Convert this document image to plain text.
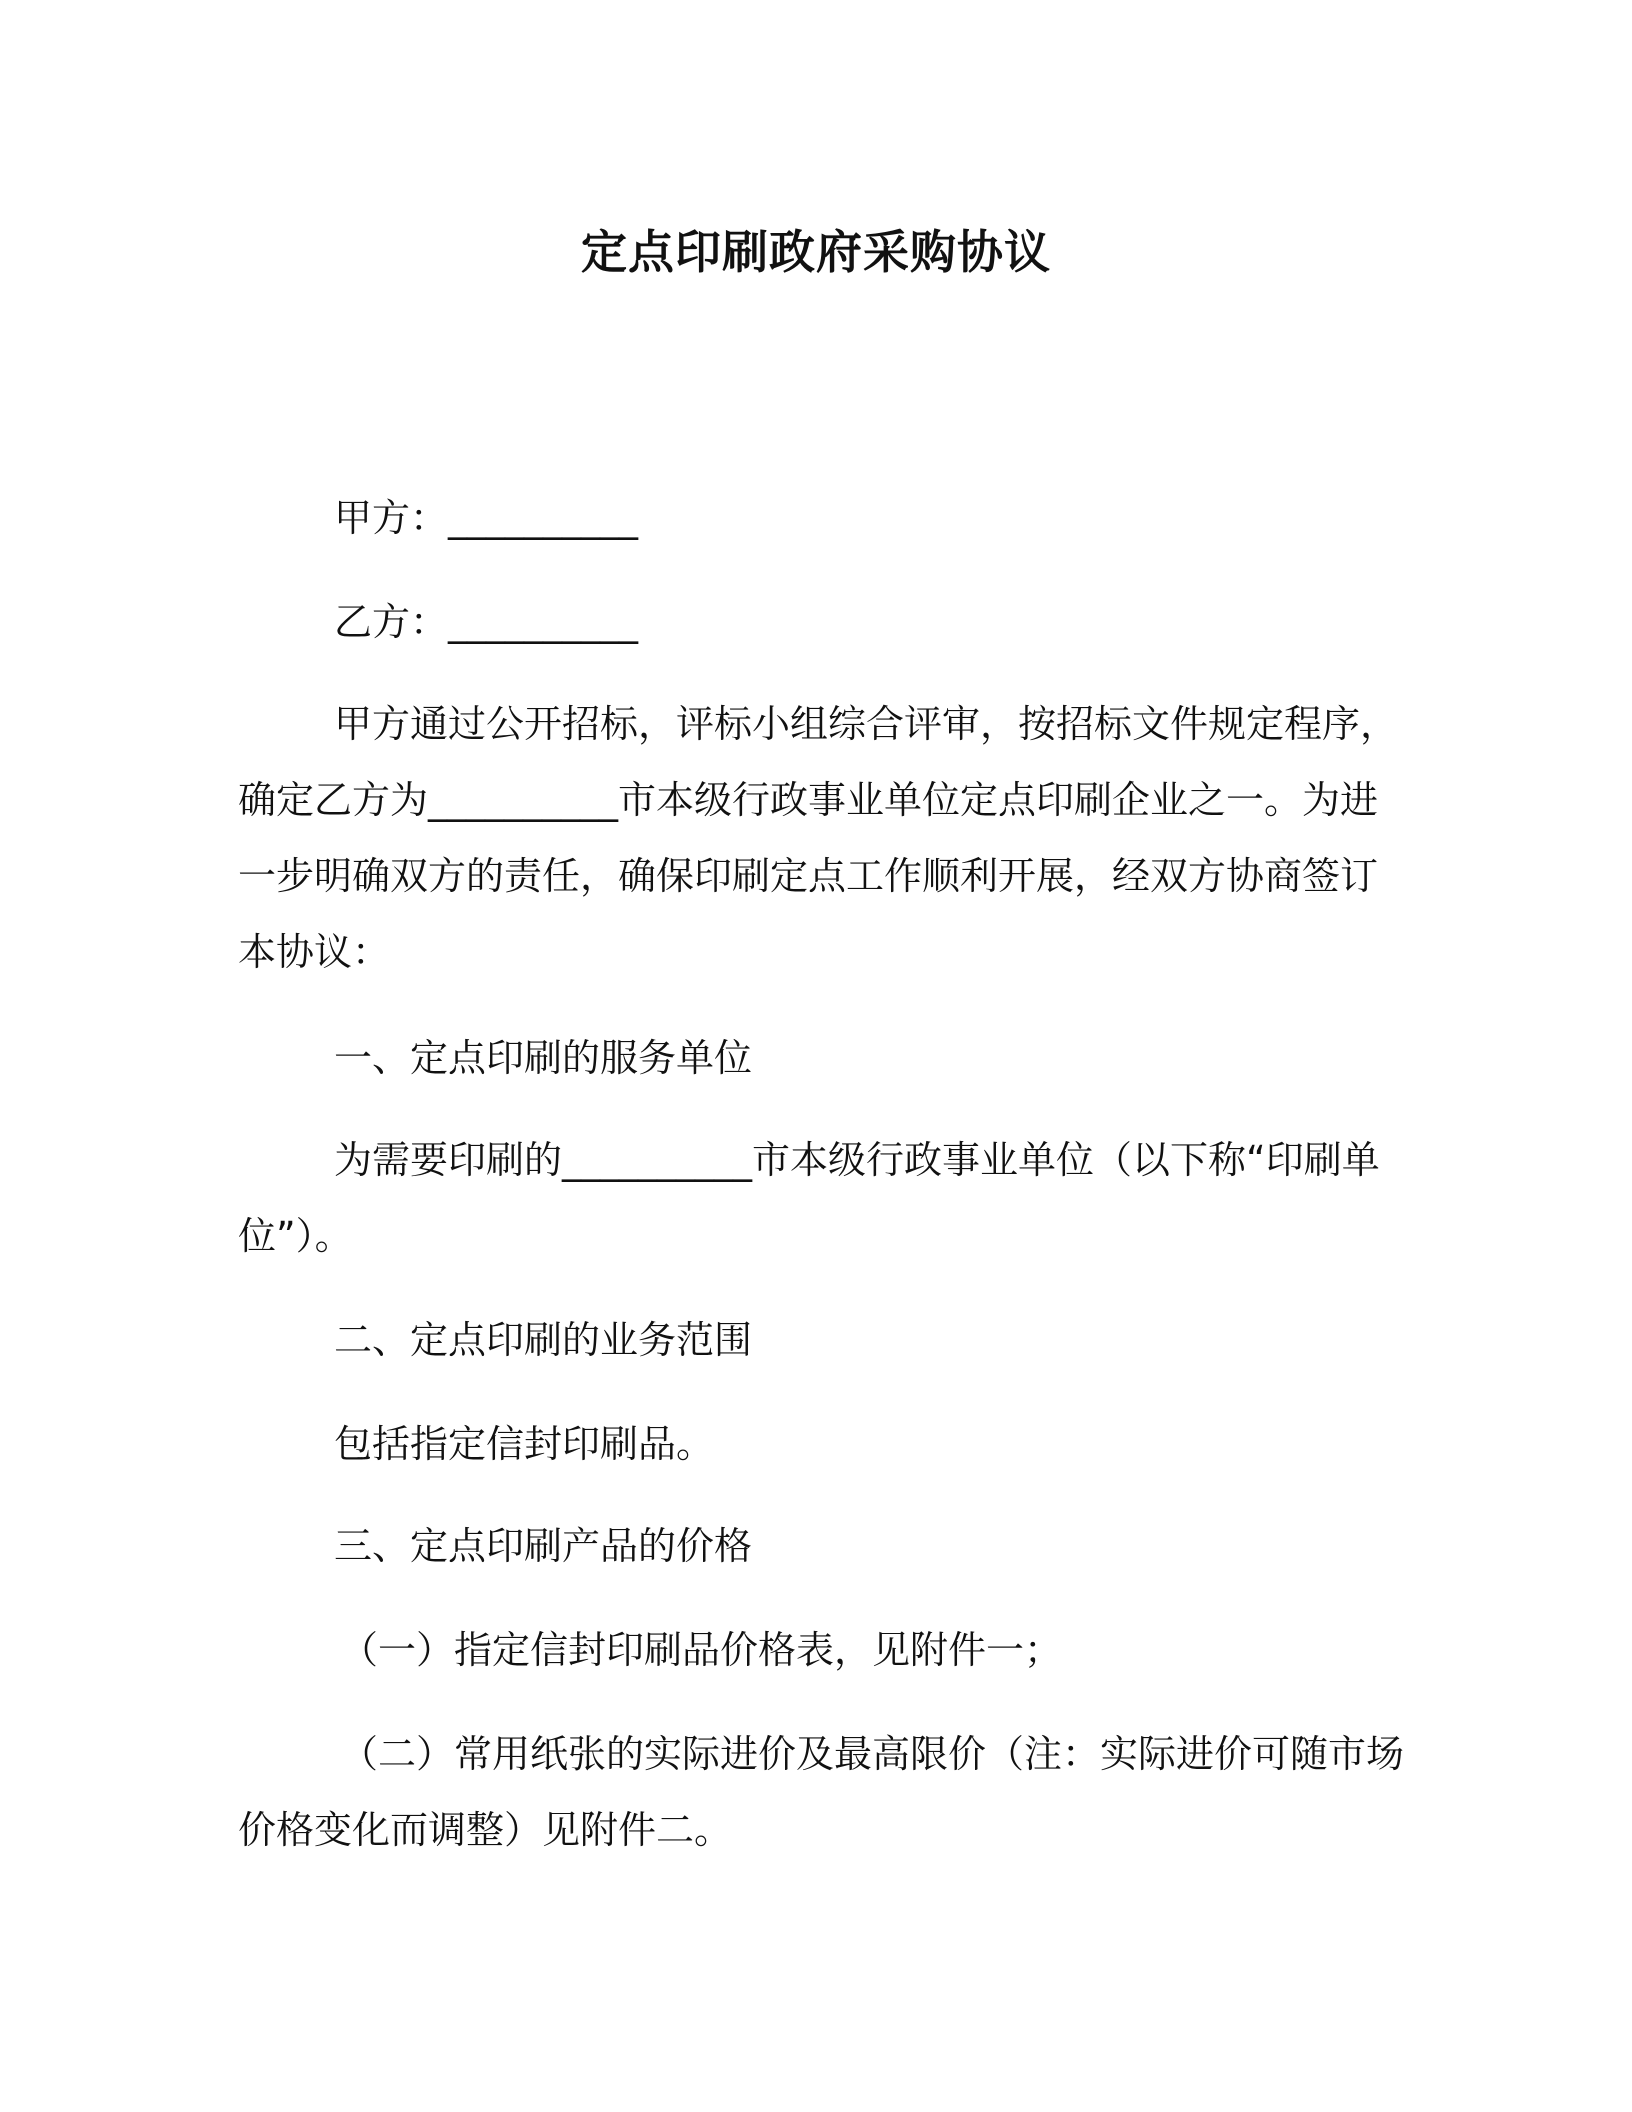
定点印刷政府采购协议

甲方：__________

乙方：__________

甲方通过公开招标，评标小组综合评审，按招标文件规定程序，

确定乙方为__________市本级行政事业单位定点印刷企业之一。为进

一步明确双方的责任，确保印刷定点工作顺利开展，经双方协商签订

本协议：

一、定点印刷的服务单位

为需要印刷的__________市本级行政事业单位（以下称“印刷单

位”）。

二、定点印刷的业务范围

包括指定信封印刷品。

三、定点印刷产品的价格

（一）指定信封印刷品价格表，见附件一；

（二）常用纸张的实际进价及最高限价（注：实际进价可随市场

价格变化而调整）见附件二。
